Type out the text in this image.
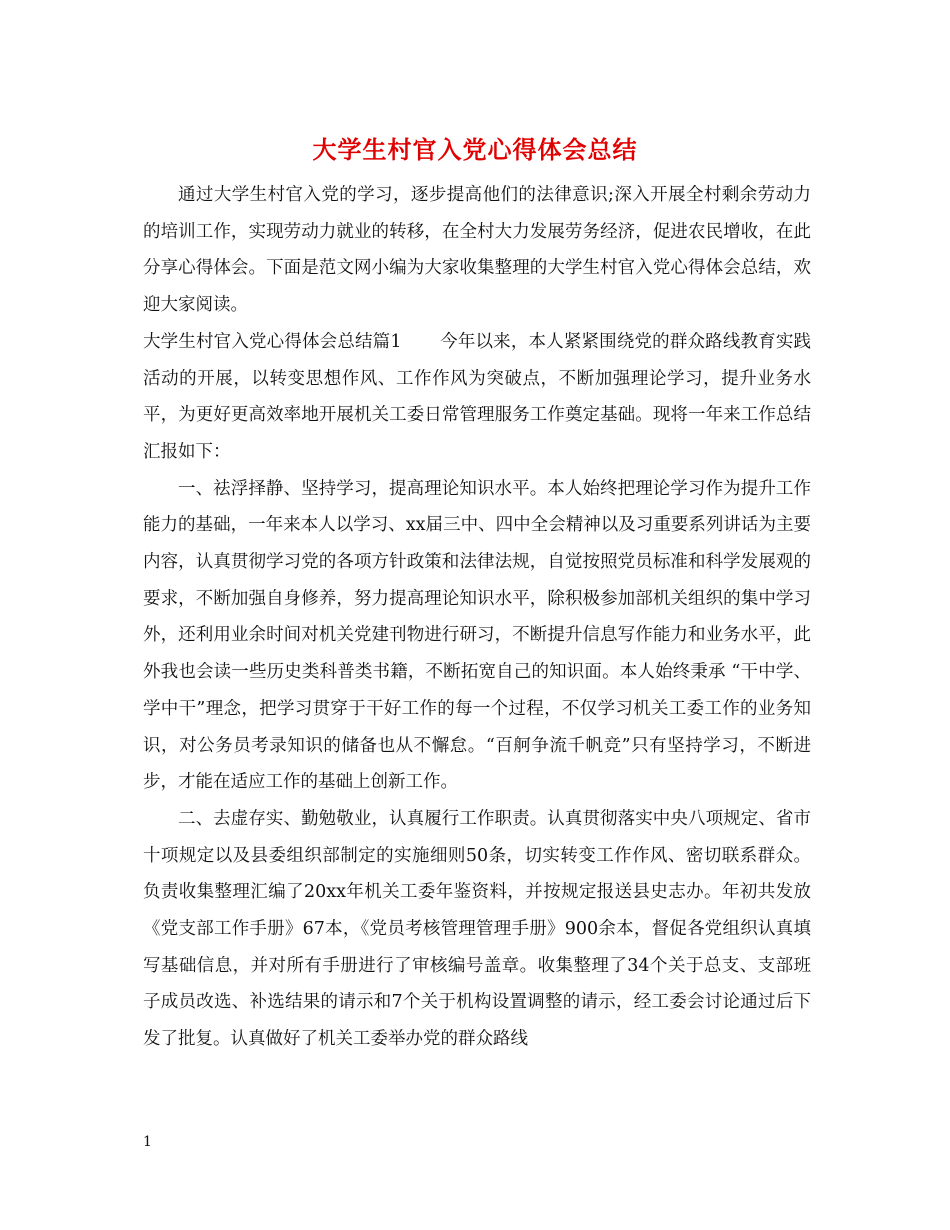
大学生村官入党心得体会总结

通过大学生村官入党的学习，逐步提高他们的法律意识;深入开展全村剩余劳动力的培训工作，实现劳动力就业的转移，在全村大力发展劳务经济，促进农民增收，在此分享心得体会。下面是范文网小编为大家收集整理的大学生村官入党心得体会总结，欢迎大家阅读。

大学生村官入党心得体会总结篇1 今年以来，本人紧紧围绕党的群众路线教育实践活动的开展，以转变思想作风、工作作风为突破点，不断加强理论学习，提升业务水平，为更好更高效率地开展机关工委日常管理服务工作奠定基础。现将一年来工作总结汇报如下：

一、祛浮择静、坚持学习，提高理论知识水平。本人始终把理论学习作为提升工作能力的基础，一年来本人以学习、xx届三中、四中全会精神以及习重要系列讲话为主要内容，认真贯彻学习党的各项方针政策和法律法规，自觉按照党员标准和科学发展观的要求，不断加强自身修养，努力提高理论知识水平，除积极参加部机关组织的集中学习外，还利用业余时间对机关党建刊物进行研习，不断提升信息写作能力和业务水平，此外我也会读一些历史类科普类书籍，不断拓宽自己的知识面。本人始终秉承 “干中学、学中干”理念，把学习贯穿于干好工作的每一个过程，不仅学习机关工委工作的业务知识，对公务员考录知识的储备也从不懈怠。“百舸争流千帆竞”只有坚持学习，不断进步，才能在适应工作的基础上创新工作。

二、去虚存实、勤勉敬业，认真履行工作职责。认真贯彻落实中央八项规定、省市十项规定以及县委组织部制定的实施细则50条，切实转变工作作风、密切联系群众。负责收集整理汇编了20xx年机关工委年鉴资料，并按规定报送县史志办。年初共发放《党支部工作手册》67本，《党员考核管理管理手册》900余本，督促各党组织认真填写基础信息，并对所有手册进行了审核编号盖章。收集整理了34个关于总支、支部班子成员改选、补选结果的请示和7个关于机构设置调整的请示，经工委会讨论通过后下发了批复。认真做好了机关工委举办党的群众路线

1
